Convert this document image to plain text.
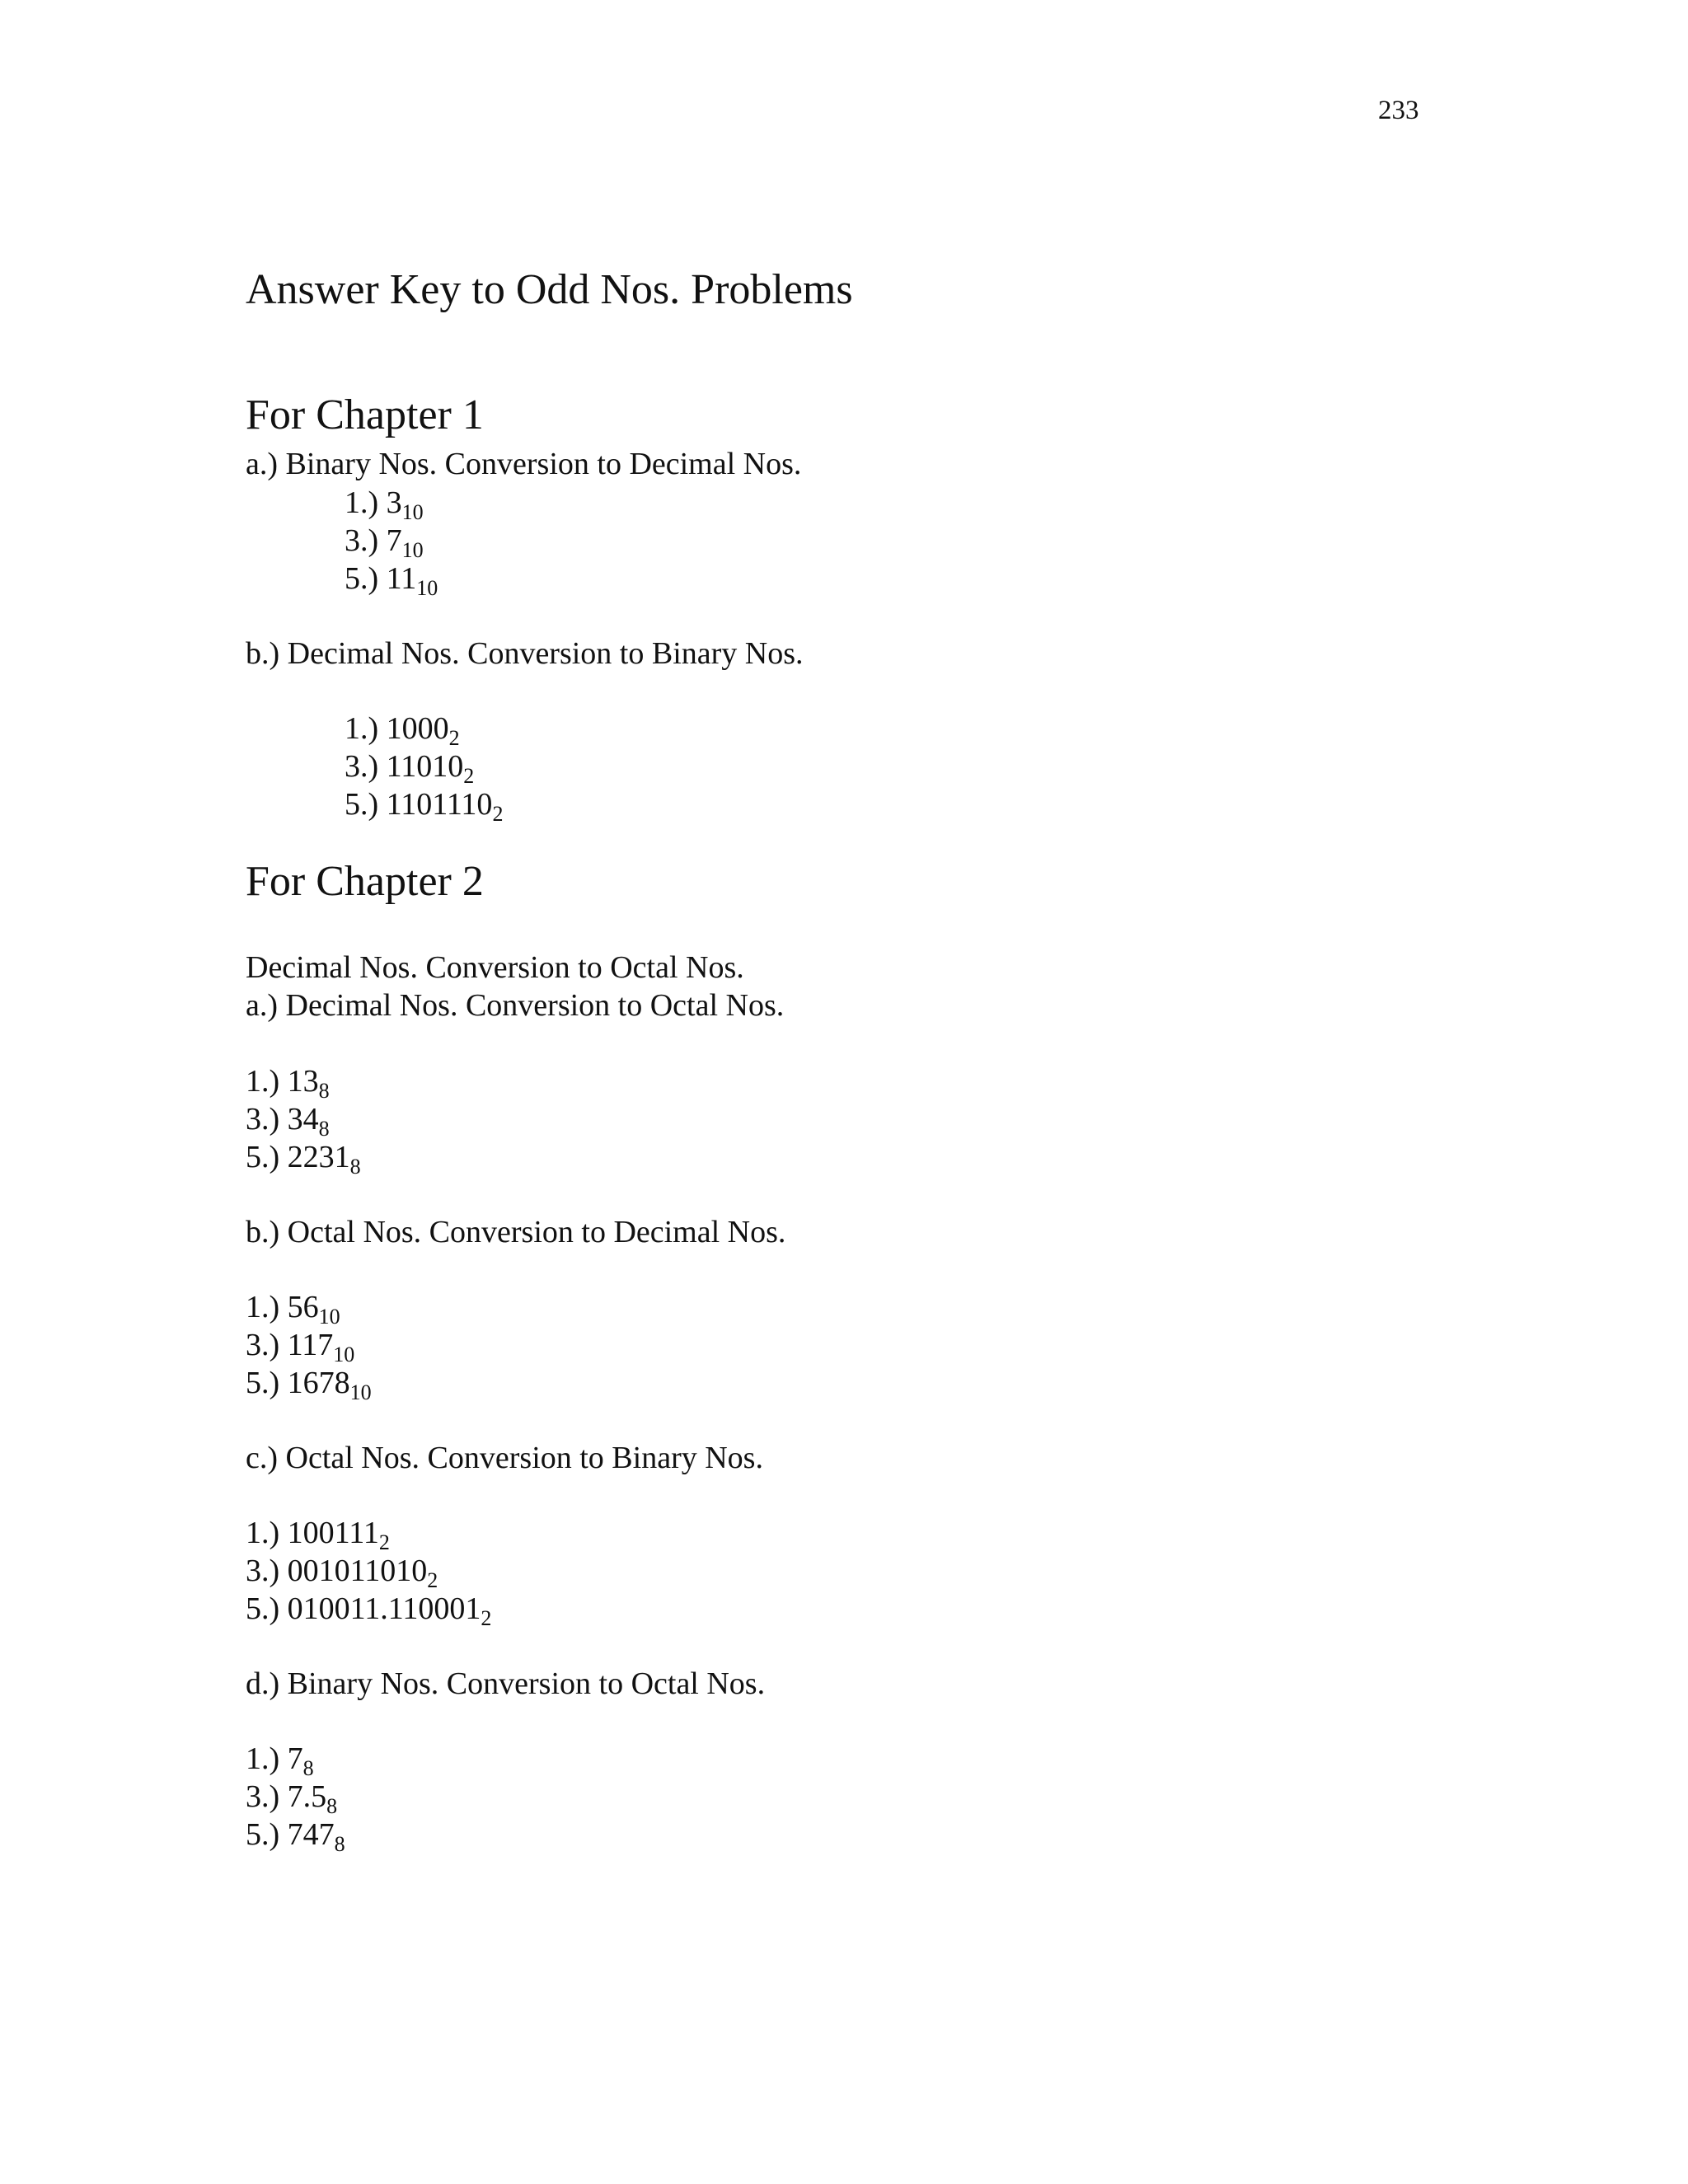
233
Answer Key to Odd Nos. Problems
For Chapter 1
a.) Binary Nos. Conversion to Decimal Nos.
1.) $3_{10}$
3.) $7_{10}$
5.) $11_{10}$
b.) Decimal Nos. Conversion to Binary Nos.
1.) $1000_2$
3.) $11010_2$
5.) $1101110_2$
For Chapter 2
Decimal Nos. Conversion to Octal Nos.
a.) Decimal Nos. Conversion to Octal Nos.
1.) $13_8$
3.) $34_8$
5.) $2231_8$
b.) Octal Nos. Conversion to Decimal Nos.
1.) $56_{10}$
3.) $117_{10}$
5.) $1678_{10}$
c.) Octal Nos. Conversion to Binary Nos.
1.) $100111_2$
3.) $001011010_2$
5.) $010011.110001_2$
d.) Binary Nos. Conversion to Octal Nos.
1.) $7_8$
3.) $7.5_8$
5.) $747_8$
